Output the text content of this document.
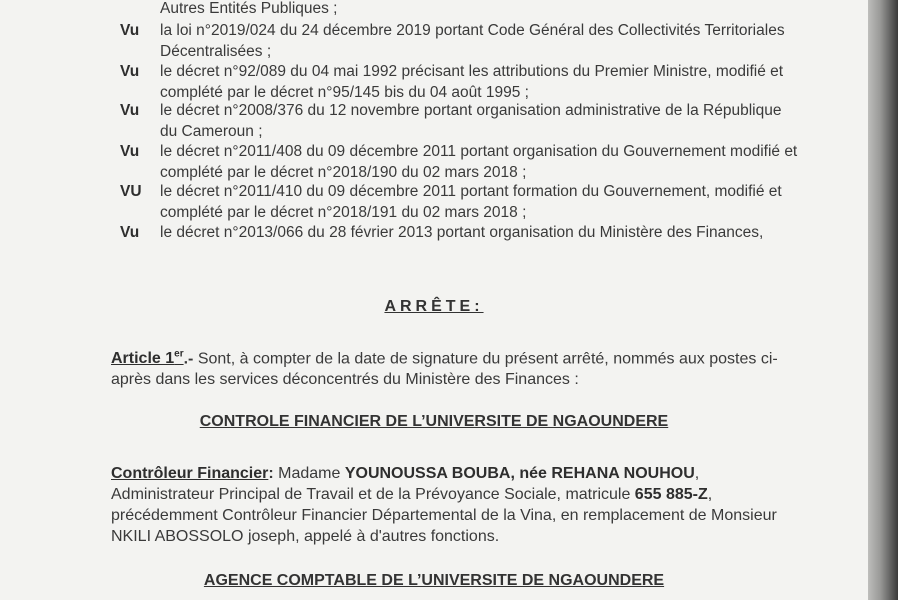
Autres Entités Publiques ;
Vu la loi n°2019/024 du 24 décembre 2019 portant Code Général des Collectivités Territoriales Décentralisées ;
Vu le décret n°92/089 du 04 mai 1992 précisant les attributions du Premier Ministre, modifié et complété par le décret n°95/145 bis du 04 août 1995 ;
Vu le décret n°2008/376 du 12 novembre portant organisation administrative de la République du Cameroun ;
Vu le décret n°2011/408 du 09 décembre 2011 portant organisation du Gouvernement modifié et complété par le décret n°2018/190 du 02 mars 2018 ;
VU le décret n°2011/410 du 09 décembre 2011 portant formation du Gouvernement, modifié et complété par le décret n°2018/191 du 02 mars 2018 ;
Vu le décret n°2013/066 du 28 février 2013 portant organisation du Ministère des Finances,
ARRÊTE:
Article 1er.- Sont, à compter de la date de signature du présent arrêté, nommés aux postes ci-après dans les services déconcentrés du Ministère des Finances :
CONTROLE FINANCIER DE L’UNIVERSITE DE NGAOUNDERE
Contrôleur Financier: Madame YOUNOUSSA BOUBA, née REHANA NOUHOU, Administrateur Principal de Travail et de la Prévoyance Sociale, matricule 655 885-Z, précédemment Contrôleur Financier Départemental de la Vina, en remplacement de Monsieur NKILI ABOSSOLO joseph, appelé à d'autres fonctions.
AGENCE COMPTABLE DE L’UNIVERSITE DE NGAOUNDERE
